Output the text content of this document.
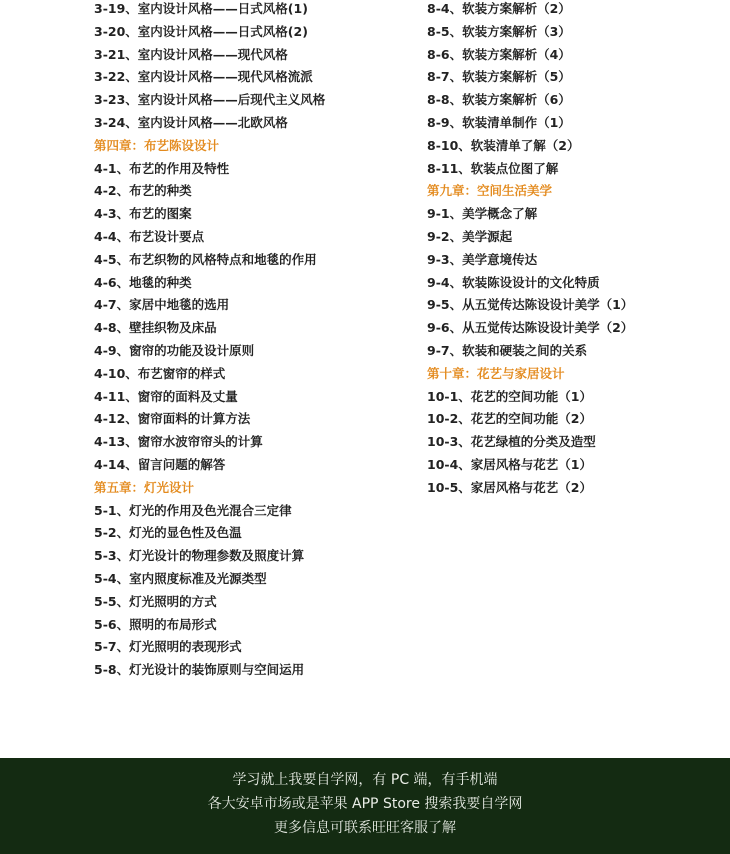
3-19、室内设计风格——日式风格(1)
3-20、室内设计风格——日式风格(2)
3-21、室内设计风格——现代风格
3-22、室内设计风格——现代风格流派
3-23、室内设计风格——后现代主义风格
3-24、室内设计风格——北欧风格
第四章：布艺陈设设计
4-1、布艺的作用及特性
4-2、布艺的种类
4-3、布艺的图案
4-4、布艺设计要点
4-5、布艺织物的风格特点和地毯的作用
4-6、地毯的种类
4-7、家居中地毯的选用
4-8、壁挂织物及床品
4-9、窗帘的功能及设计原则
4-10、布艺窗帘的样式
4-11、窗帘的面料及丈量
4-12、窗帘面料的计算方法
4-13、窗帘水波帘帘头的计算
4-14、留言问题的解答
第五章：灯光设计
5-1、灯光的作用及色光混合三定律
5-2、灯光的显色性及色温
5-3、灯光设计的物理参数及照度计算
5-4、室内照度标准及光源类型
5-5、灯光照明的方式
5-6、照明的布局形式
5-7、灯光照明的表现形式
5-8、灯光设计的装饰原则与空间运用
8-4、软装方案解析（2）
8-5、软装方案解析（3）
8-6、软装方案解析（4）
8-7、软装方案解析（5）
8-8、软装方案解析（6）
8-9、软装清单制作（1）
8-10、软装清单了解（2）
8-11、软装点位图了解
第九章：空间生活美学
9-1、美学概念了解
9-2、美学源起
9-3、美学意境传达
9-4、软装陈设设计的文化特质
9-5、从五觉传达陈设设计美学（1）
9-6、从五觉传达陈设设计美学（2）
9-7、软装和硬装之间的关系
第十章：花艺与家居设计
10-1、花艺的空间功能（1）
10-2、花艺的空间功能（2）
10-3、花艺绿植的分类及造型
10-4、家居风格与花艺（1）
10-5、家居风格与花艺（2）
学习就上我要自学网，有 PC 端，有手机端
各大安卓市场或是苹果 APP Store 搜索我要自学网
更多信息可联系旺旺客服了解
